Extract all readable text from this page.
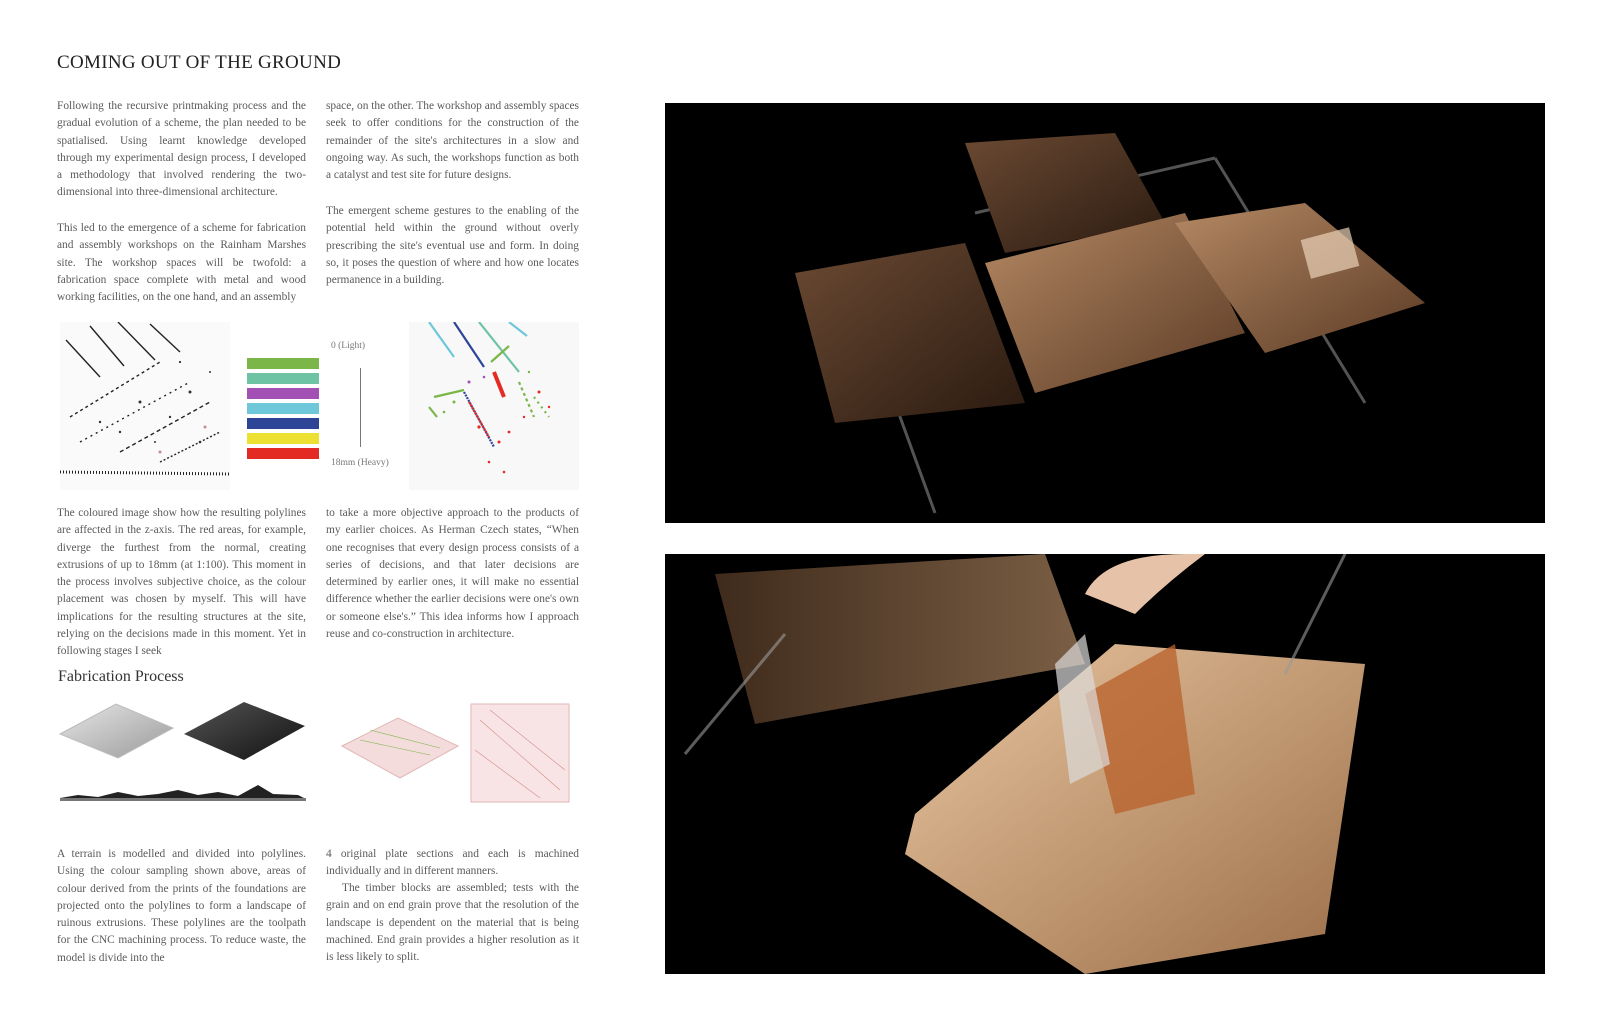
COMING OUT OF THE GROUND

Following the recursive printmaking process and the gradual evolution of a scheme, the plan needed to be spatialised. Using learnt knowledge developed through my experimental design process, I developed a methodology that involved rendering the two-dimensional into three-dimensional architecture.

This led to the emergence of a scheme for fabrication and assembly workshops on the Rainham Marshes site. The workshop spaces will be twofold: a fabrication space complete with metal and wood working facilities, on the one hand, and an assembly

space, on the other. The workshop and assembly spaces seek to offer conditions for the construction of the remainder of the site's architectures in a slow and ongoing way. As such, the workshops function as both a catalyst and test site for future designs.

The emergent scheme gestures to the enabling of the potential held within the ground without overly prescribing the site's eventual use and form. In doing so, it poses the question of where and how one locates permanence in a building.

0 (Light)
18mm (Heavy)

The coloured image show how the resulting polylines are affected in the z-axis. The red areas, for example, diverge the furthest from the normal, creating extrusions of up to 18mm (at 1:100). This moment in the process involves subjective choice, as the colour placement was chosen by myself. This will have implications for the resulting structures at the site, relying on the decisions made in this moment. Yet in following stages I seek

to take a more objective approach to the products of my earlier choices. As Herman Czech states, “When one recognises that every design process consists of a series of decisions, and that later decisions are determined by earlier ones, it will make no essential difference whether the earlier decisions were one's own or someone else's.” This idea informs how I approach reuse and co-construction in architecture.

Fabrication Process

A terrain is modelled and divided into polylines. Using the colour sampling shown above, areas of colour derived from the prints of the foundations are projected onto the polylines to form a landscape of ruinous extrusions. These polylines are the toolpath for the CNC machining process. To reduce waste, the model is divide into the

4 original plate sections and each is machined individually and in different manners.

The timber blocks are assembled; tests with the grain and on end grain prove that the resolution of the landscape is dependent on the material that is being machined. End grain provides a higher resolution as it is less likely to split.
